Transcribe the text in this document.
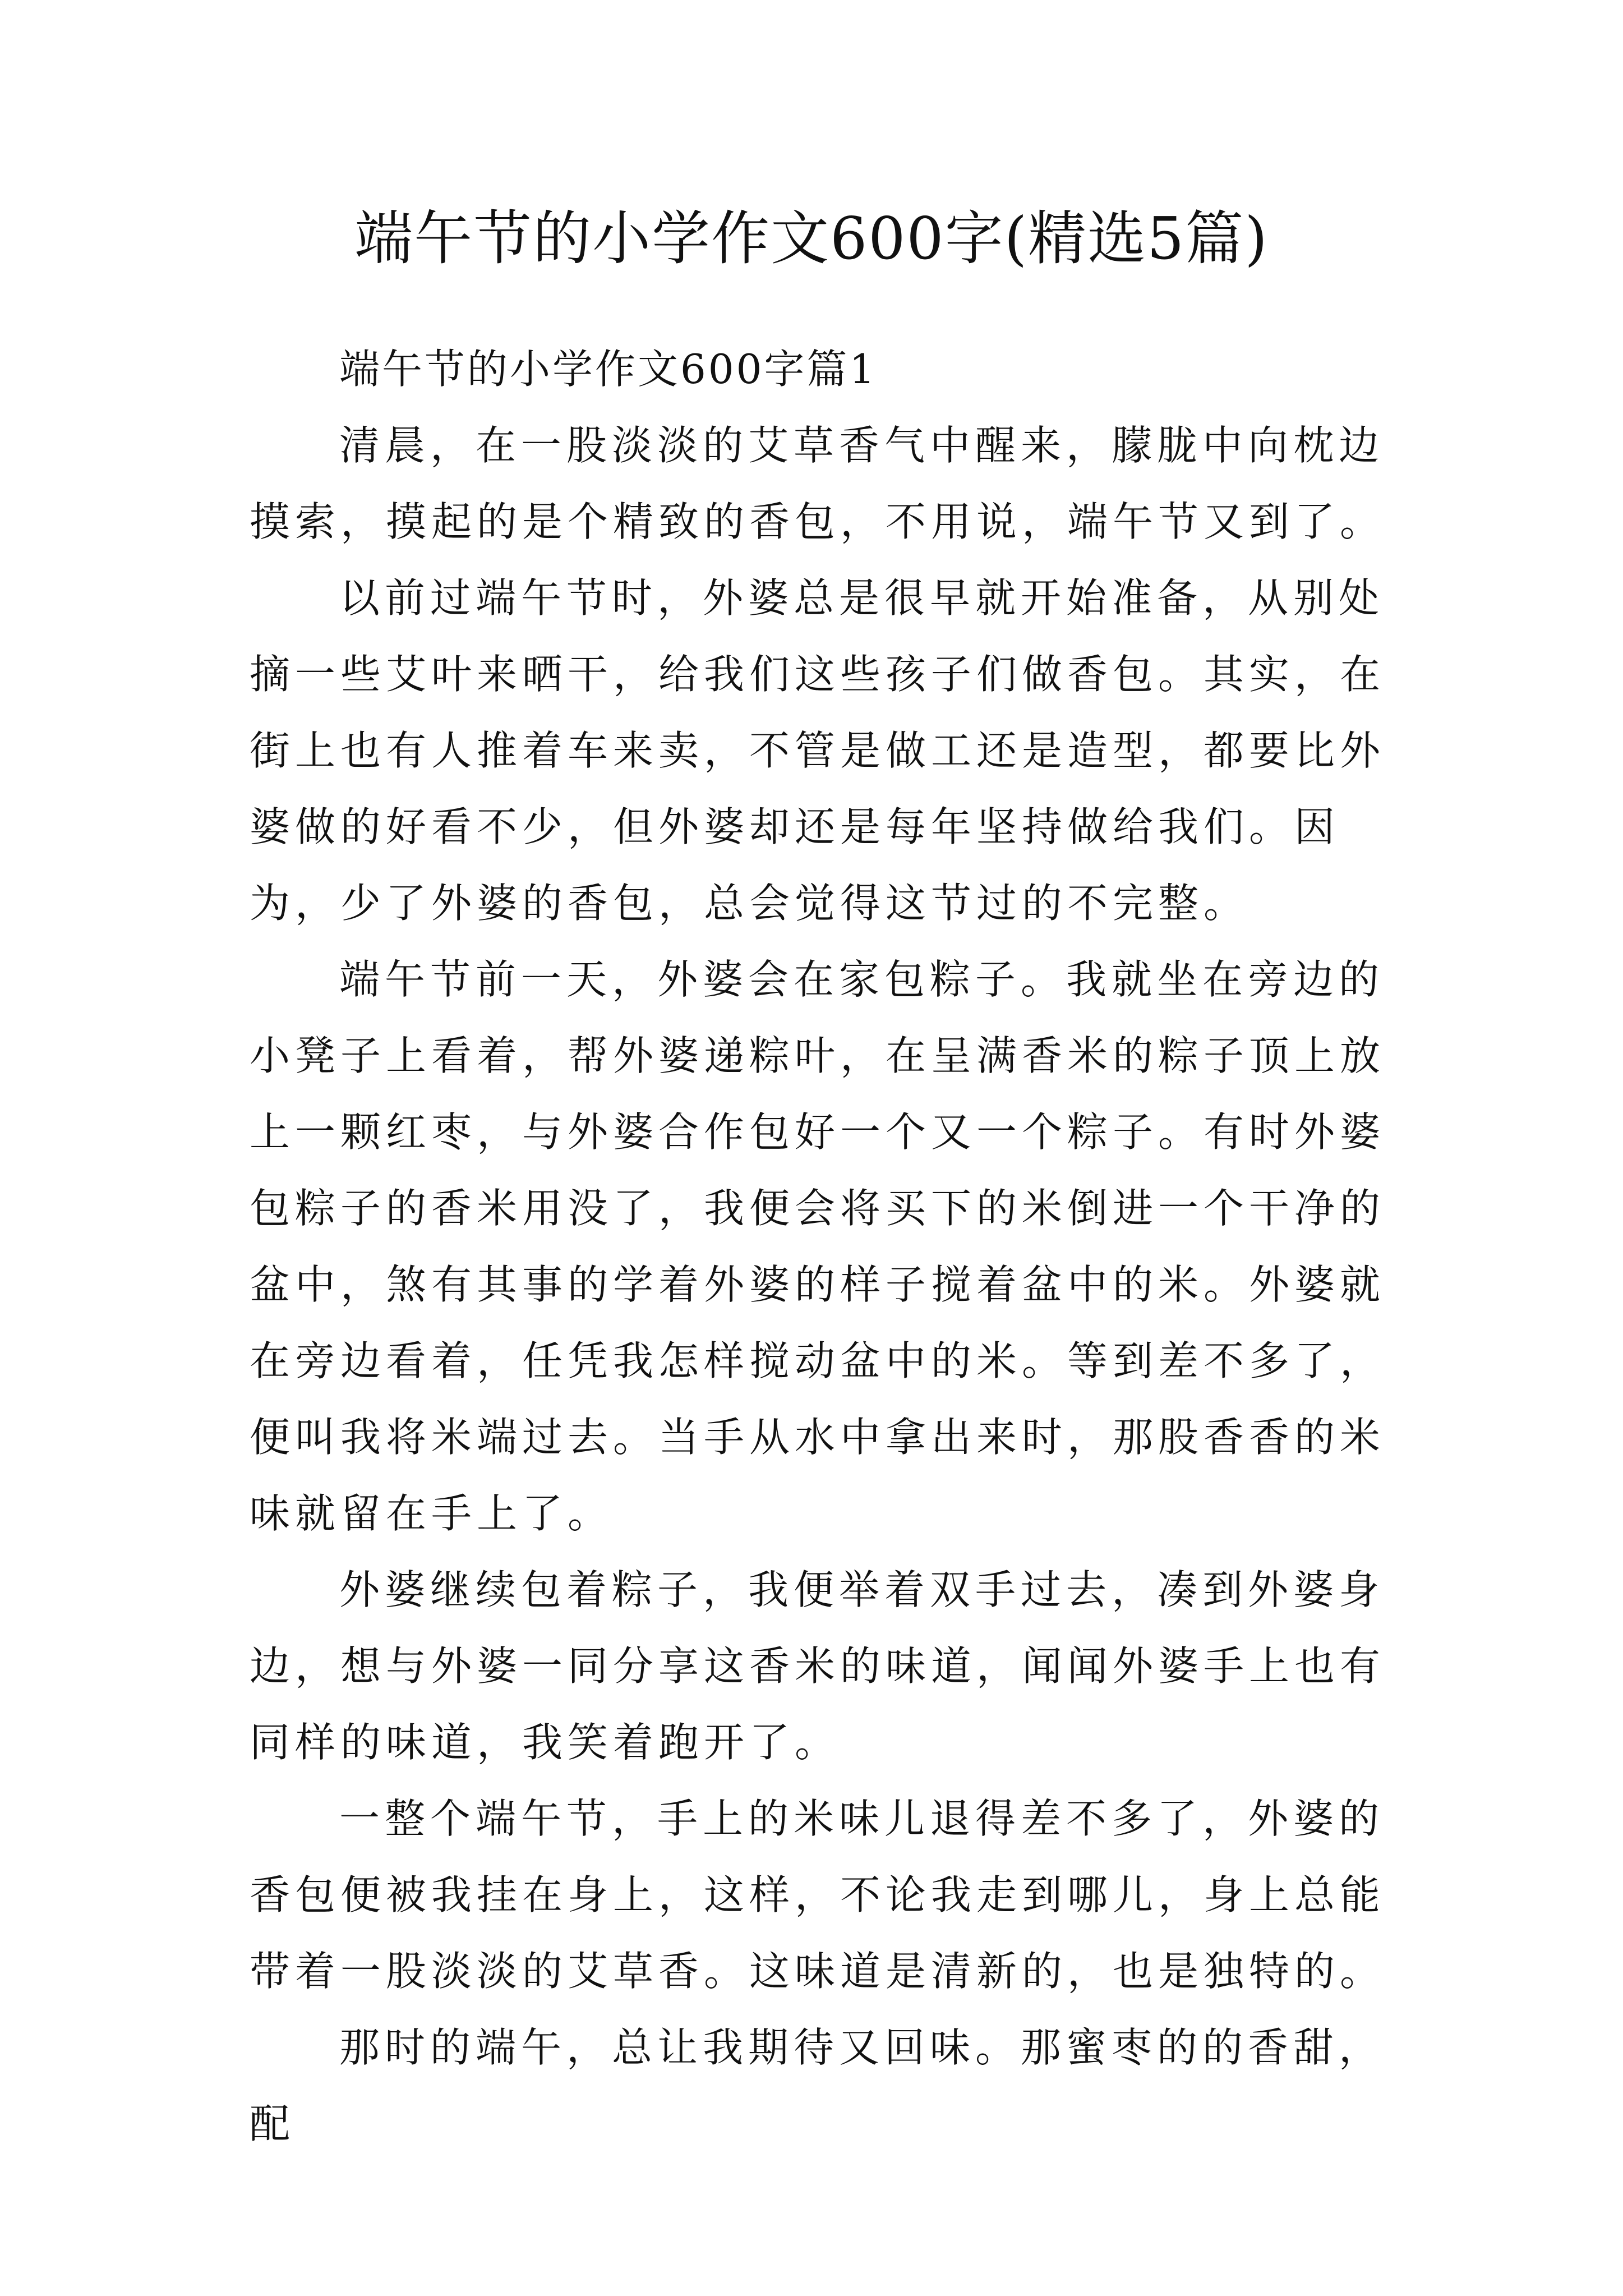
端午节的小学作文600字(精选5篇)

端午节的小学作文600字篇1

清晨，在一股淡淡的艾草香气中醒来，朦胧中向枕边摸索，摸起的是个精致的香包，不用说，端午节又到了。

以前过端午节时，外婆总是很早就开始准备，从别处摘一些艾叶来晒干，给我们这些孩子们做香包。其实，在街上也有人推着车来卖，不管是做工还是造型，都要比外婆做的好看不少，但外婆却还是每年坚持做给我们。因为，少了外婆的香包，总会觉得这节过的不完整。

端午节前一天，外婆会在家包粽子。我就坐在旁边的小凳子上看着，帮外婆递粽叶，在呈满香米的粽子顶上放上一颗红枣，与外婆合作包好一个又一个粽子。有时外婆包粽子的香米用没了，我便会将买下的米倒进一个干净的盆中，煞有其事的学着外婆的样子搅着盆中的米。外婆就在旁边看着，任凭我怎样搅动盆中的米。等到差不多了，便叫我将米端过去。当手从水中拿出来时，那股香香的米味就留在手上了。

外婆继续包着粽子，我便举着双手过去，凑到外婆身边，想与外婆一同分享这香米的味道，闻闻外婆手上也有同样的味道，我笑着跑开了。

一整个端午节，手上的米味儿退得差不多了，外婆的香包便被我挂在身上，这样，不论我走到哪儿，身上总能带着一股淡淡的艾草香。这味道是清新的，也是独特的。

那时的端午，总让我期待又回味。那蜜枣的的香甜，配
